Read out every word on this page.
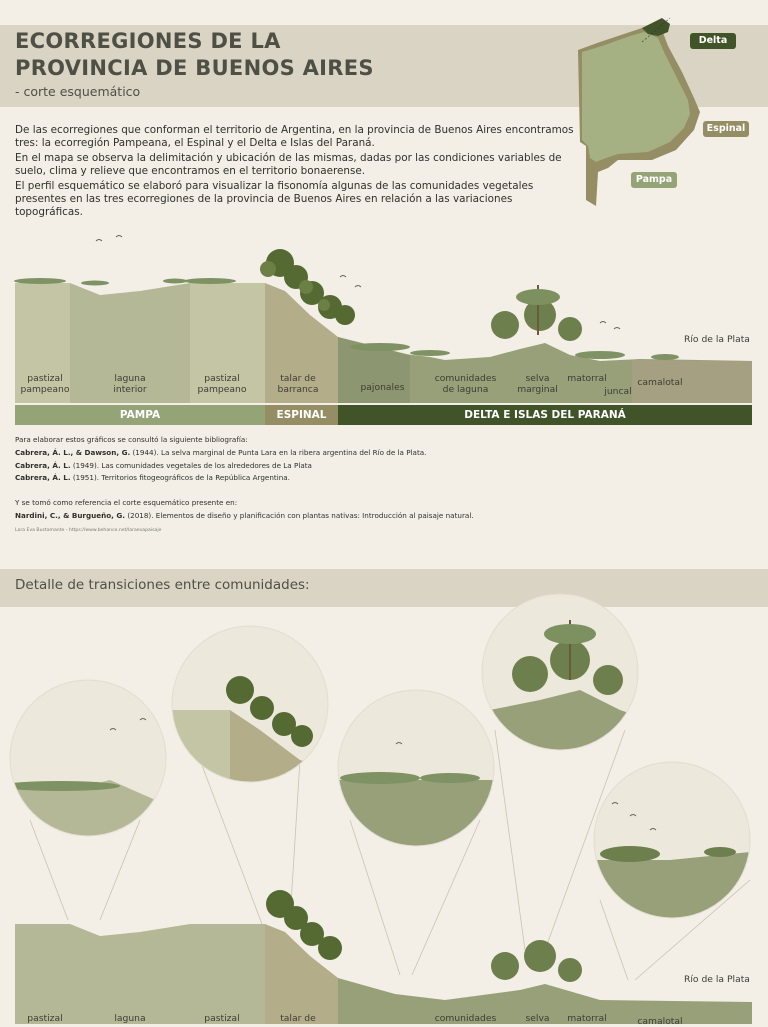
ECORREGIONES DE LA
PROVINCIA DE BUENOS AIRES
- corte esquemático
Delta
Espinal
Pampa

De las ecorregiones que conforman el territorio de Argentina, en la provincia de Buenos Aires encontramos tres: la ecorregión Pampeana, el Espinal y el Delta e Islas del Paraná.

En el mapa se observa la delimitación y ubicación de las mismas, dadas por las condiciones variables de suelo, clima y relieve que encontramos en el territorio bonaerense.

El perfil esquemático se elaboró para visualizar la fisonomía algunas de las comunidades vegetales presentes en las tres ecorregiones de la provincia de Buenos Aires en relación a las variaciones topográficas.

pastizal pampeano
laguna interior
pastizal pampeano
talar de barranca	pajonales
comunidades de laguna
selva marginal
matorral
juncal
camalotal
Río de la Plata
PAMPA	ESPINAL	DELTA E ISLAS DEL PARANÁ

Para elaborar estos gráficos se consultó la siguiente bibliografía:

Cabrera, Á. L., & Dawson, G. (1944). La selva marginal de Punta Lara en la ribera argentina del Río de la Plata.

Cabrera, Á. L. (1949). Las comunidades vegetales de los alrededores de La Plata

Cabrera, Á. L. (1951). Territorios fitogeográficos de la República Argentina.

Y se tomó como referencia el corte esquemático presente en:

Nardini, C., & Burgueño, G. (2018). Elementos de diseño y planificación con plantas nativas: Introducción al paisaje natural.

Lara Eva Bustamante - https://www.behance.net/laraevapaisaje
Detalle de transiciones entre comunidades:
pastizal	laguna	pastizal	talar de	comunidades	selva	matorral	camalotal
Río de la Plata
